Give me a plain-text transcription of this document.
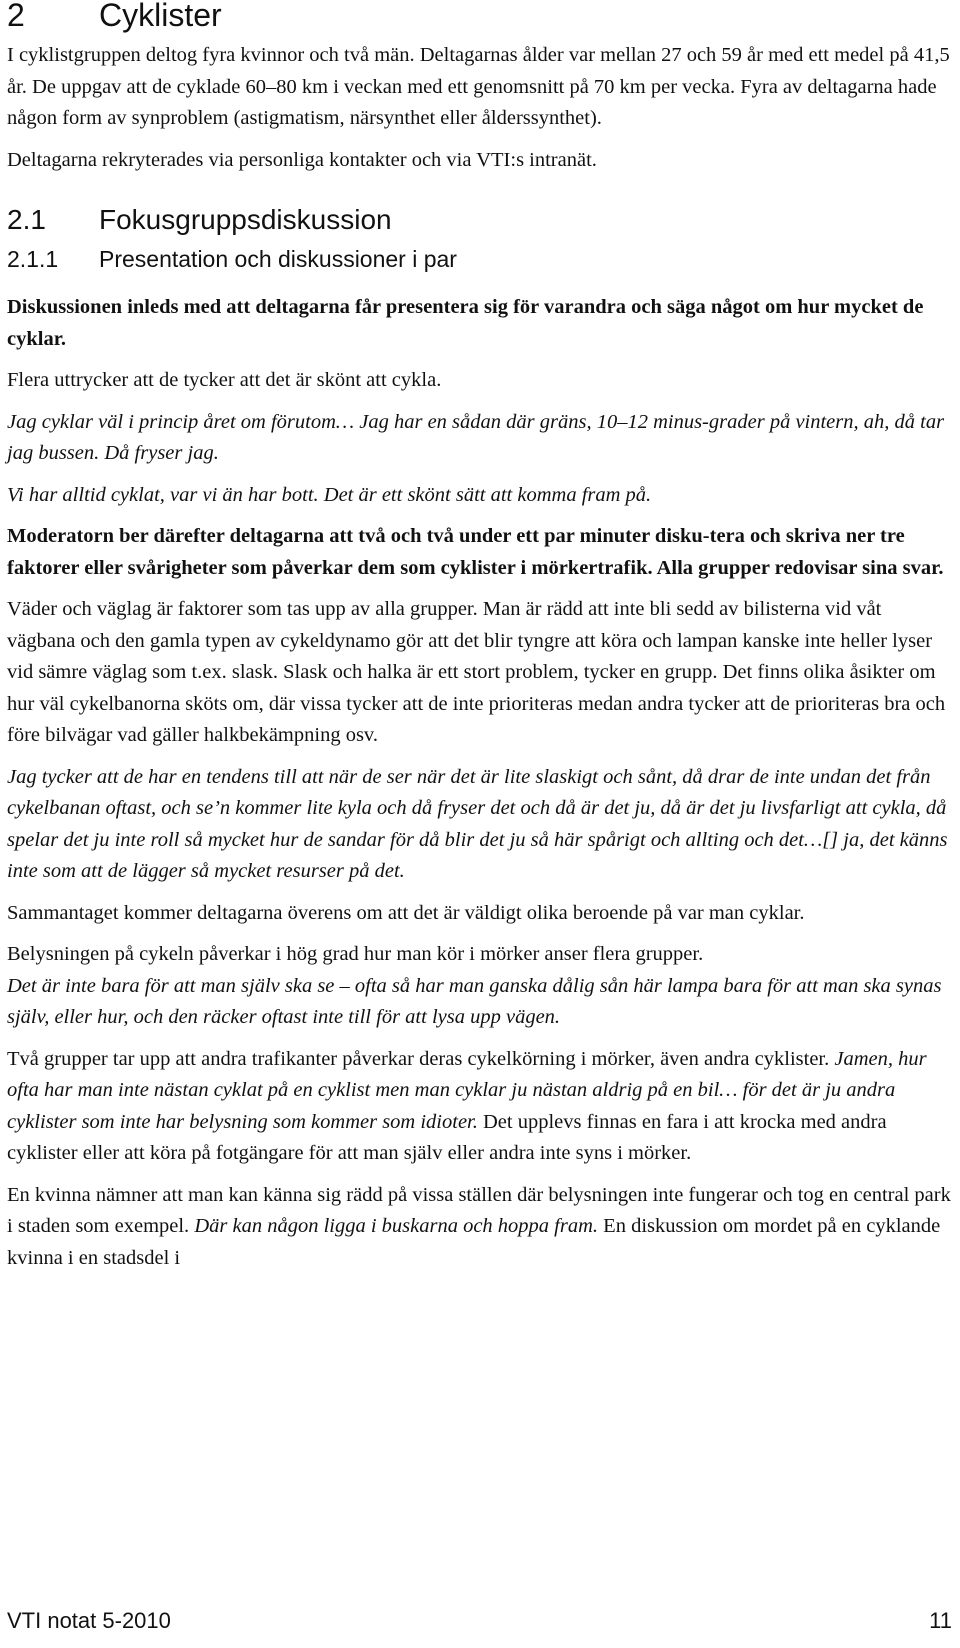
2 Cyklister

I cyklistgruppen deltog fyra kvinnor och två män. Deltagarnas ålder var mellan 27 och 59 år med ett medel på 41,5 år. De uppgav att de cyklade 60–80 km i veckan med ett genomsnitt på 70 km per vecka. Fyra av deltagarna hade någon form av synproblem (astigmatism, närsynthet eller ålderssynthet).

Deltagarna rekryterades via personliga kontakter och via VTI:s intranät.

2.1 Fokusgruppsdiskussion
2.1.1 Presentation och diskussioner i par

Diskussionen inleds med att deltagarna får presentera sig för varandra och säga något om hur mycket de cyklar.

Flera uttrycker att de tycker att det är skönt att cykla.

Jag cyklar väl i princip året om förutom… Jag har en sådan där gräns, 10–12 minus-grader på vintern, ah, då tar jag bussen. Då fryser jag.

Vi har alltid cyklat, var vi än har bott. Det är ett skönt sätt att komma fram på.

Moderatorn ber därefter deltagarna att två och två under ett par minuter disku-tera och skriva ner tre faktorer eller svårigheter som påverkar dem som cyklister i mörkertrafik. Alla grupper redovisar sina svar.

Väder och väglag är faktorer som tas upp av alla grupper. Man är rädd att inte bli sedd av bilisterna vid våt vägbana och den gamla typen av cykeldynamo gör att det blir tyngre att köra och lampan kanske inte heller lyser vid sämre väglag som t.ex. slask. Slask och halka är ett stort problem, tycker en grupp. Det finns olika åsikter om hur väl cykelbanorna sköts om, där vissa tycker att de inte prioriteras medan andra tycker att de prioriteras bra och före bilvägar vad gäller halkbekämpning osv.

Jag tycker att de har en tendens till att när de ser när det är lite slaskigt och sånt, då drar de inte undan det från cykelbanan oftast, och se’n kommer lite kyla och då fryser det och då är det ju, då är det ju livsfarligt att cykla, då spelar det ju inte roll så mycket hur de sandar för då blir det ju så här spårigt och allting och det…[] ja, det känns inte som att de lägger så mycket resurser på det.

Sammantaget kommer deltagarna överens om att det är väldigt olika beroende på var man cyklar.

Belysningen på cykeln påverkar i hög grad hur man kör i mörker anser flera grupper.
Det är inte bara för att man själv ska se – ofta så har man ganska dålig sån här lampa bara för att man ska synas själv, eller hur, och den räcker oftast inte till för att lysa upp vägen.

Två grupper tar upp att andra trafikanter påverkar deras cykelkörning i mörker, även andra cyklister. Jamen, hur ofta har man inte nästan cyklat på en cyklist men man cyklar ju nästan aldrig på en bil… för det är ju andra cyklister som inte har belysning som kommer som idioter. Det upplevs finnas en fara i att krocka med andra cyklister eller att köra på fotgängare för att man själv eller andra inte syns i mörker.

En kvinna nämner att man kan känna sig rädd på vissa ställen där belysningen inte fungerar och tog en central park i staden som exempel. Där kan någon ligga i buskarna och hoppa fram. En diskussion om mordet på en cyklande kvinna i en stadsdel i

VTI notat 5-2010	11
